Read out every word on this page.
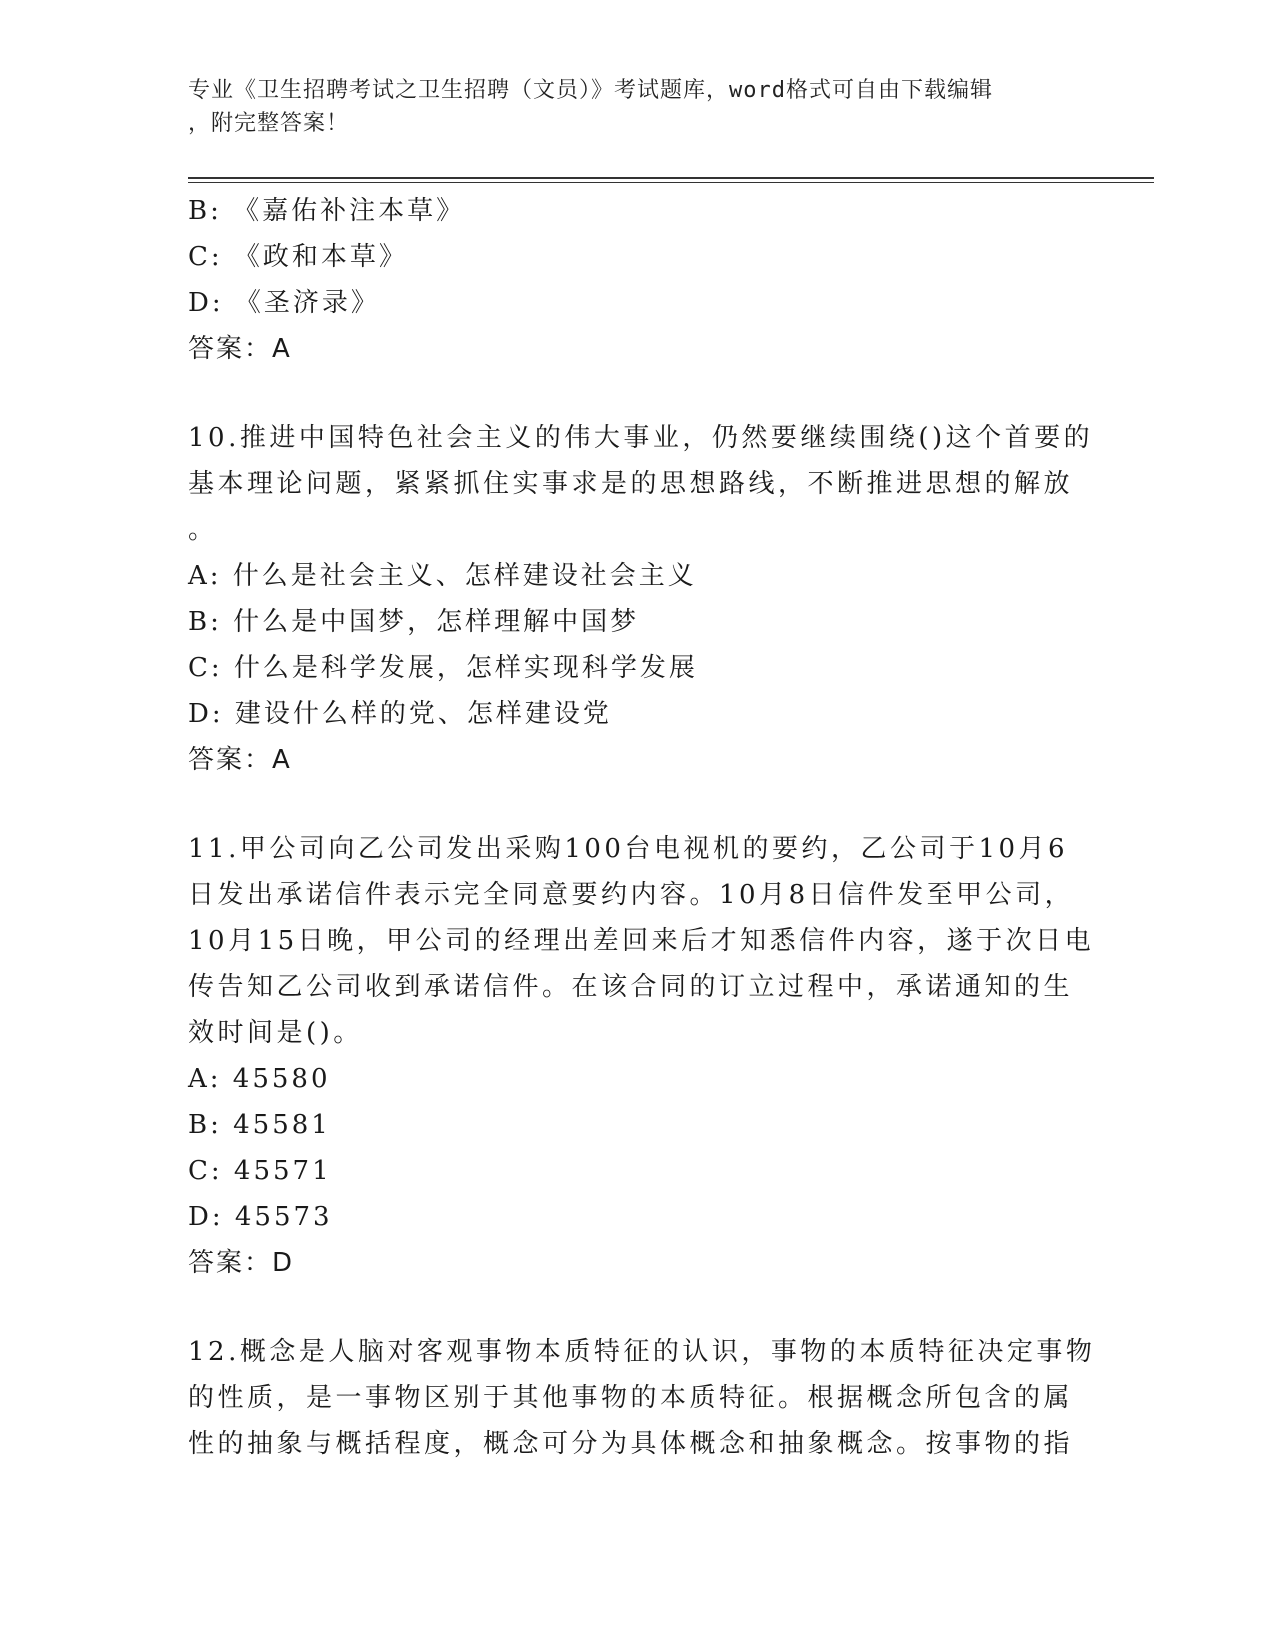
专业《卫生招聘考试之卫生招聘（文员）》考试题库，word格式可自由下载编辑
，附完整答案！
B: 《嘉佑补注本草》
C: 《政和本草》
D: 《圣济录》
答案：A
10.推进中国特色社会主义的伟大事业，仍然要继续围绕()这个首要的
基本理论问题，紧紧抓住实事求是的思想路线，不断推进思想的解放
。
A: 什么是社会主义、怎样建设社会主义
B: 什么是中国梦，怎样理解中国梦
C: 什么是科学发展，怎样实现科学发展
D: 建设什么样的党、怎样建设党
答案：A
11.甲公司向乙公司发出采购100台电视机的要约，乙公司于10月6
日发出承诺信件表示完全同意要约内容。10月8日信件发至甲公司，
10月15日晚，甲公司的经理出差回来后才知悉信件内容，遂于次日电
传告知乙公司收到承诺信件。在该合同的订立过程中，承诺通知的生
效时间是()。
A: 45580
B: 45581
C: 45571
D: 45573
答案：D
12.概念是人脑对客观事物本质特征的认识，事物的本质特征决定事物
的性质，是一事物区别于其他事物的本质特征。根据概念所包含的属
性的抽象与概括程度，概念可分为具体概念和抽象概念。按事物的指
